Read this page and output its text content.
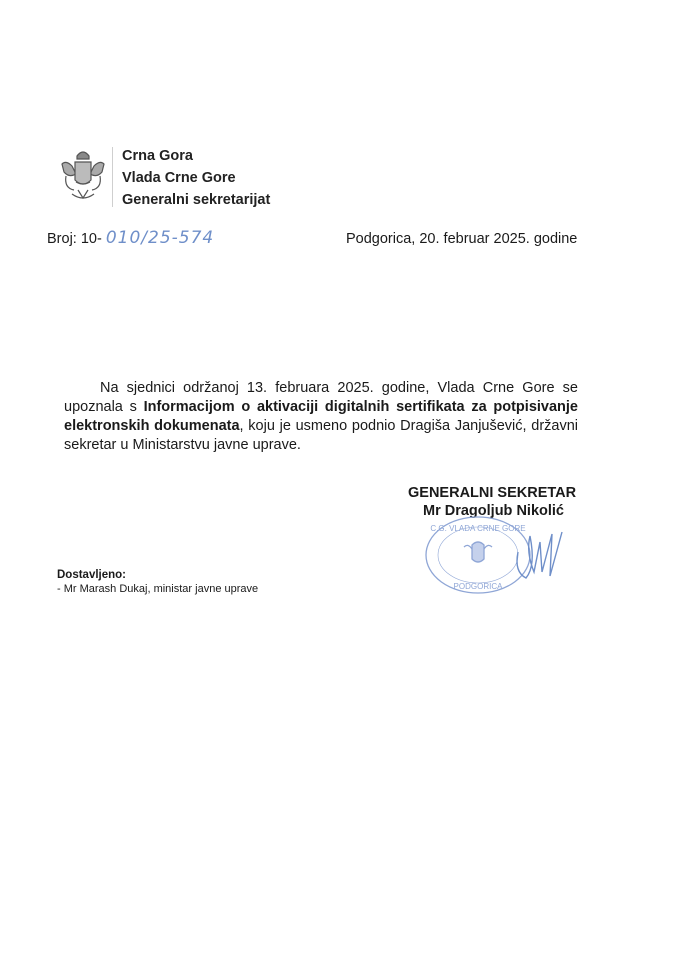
Crna Gora
Vlada Crne Gore
Generalni sekretarijat
Broj: 10- 010/25-574	Podgorica, 20. februar 2025. godine

Na sjednici održanoj 13. februara 2025. godine, Vlada Crne Gore se upoznala s Informacijom o aktivaciji digitalnih sertifikata za potpisivanje elektronskih dokumenata, koju je usmeno podnio Dragiša Janjušević, državni sekretar u Ministarstvu javne uprave.

GENERALNI SEKRETAR
Mr Dragoljub Nikolić
C.G. VLADA CRNE GORE
PODGORICA
Dostavljeno:
- Mr Marash Dukaj, ministar javne uprave
